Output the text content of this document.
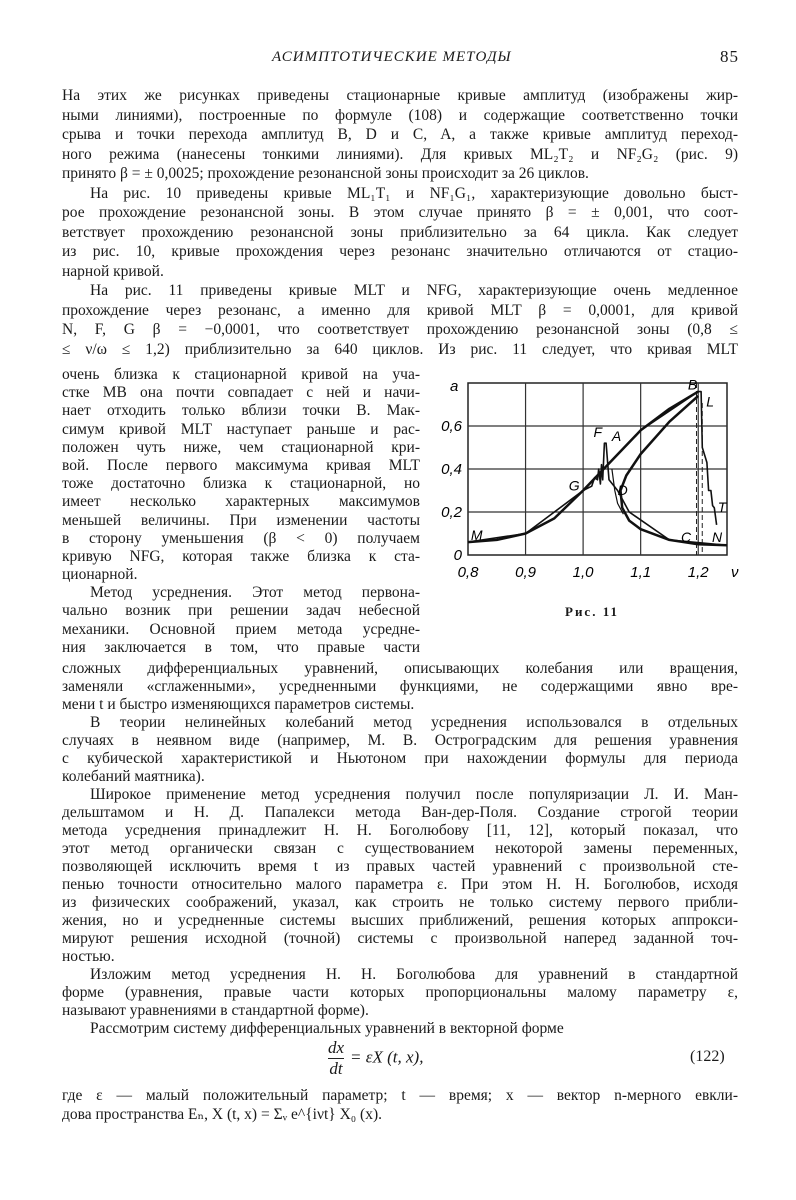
АСИМПТОТИЧЕСКИЕ МЕТОДЫ	85
На этих же рисунках приведены стационарные кривые амплитуд (изображены жир-
ными линиями), построенные по формуле (108) и содержащие соответственно точки
срыва и точки перехода амплитуд B, D и C, A, а также кривые амплитуд переход-
ного режима (нанесены тонкими линиями). Для кривых ML₂T₂ и NF₂G₂ (рис. 9)
принято β = ± 0,0025; прохождение резонансной зоны происходит за 26 циклов.
На рис. 10 приведены кривые ML₁T₁ и NF₁G₁, характеризующие довольно быст-
рое прохождение резонансной зоны. В этом случае принято β = ± 0,001, что соот-
ветствует прохождению резонансной зоны приблизительно за 64 цикла. Как следует
из рис. 10, кривые прохождения через резонанс значительно отличаются от стацио-
нарной кривой.
На рис. 11 приведены кривые MLT и NFG, характеризующие очень медленное
прохождение через резонанс, а именно для кривой MLT β = 0,0001, для кривой
N, F, G β = −0,0001, что соответствует прохождению резонансной зоны (0,8 ≤
≤ ν/ω ≤ 1,2) приблизительно за 640 циклов. Из рис. 11 следует, что кривая MLT
очень близка к стационарной кривой на уча-
стке MB она почти совпадает с ней и начи-
нает отходить только вблизи точки B. Мак-
симум кривой MLT наступает раньше и рас-
положен чуть ниже, чем стационарной кри-
вой. После первого максимума кривая MLT
тоже достаточно близка к стационарной, но
имеет несколько характерных максимумов
меньшей величины. При изменении частоты
в сторону уменьшения (β < 0) получаем
кривую NFG, которая также близка к ста-
ционарной.
Метод усреднения. Этот метод первона-
чально возник при решении задач небесной
механики. Основной прием метода усредне-
ния заключается в том, что правые части
сложных дифференциальных уравнений, описывающих колебания или вращения,
заменяли «сглаженными», усредненными функциями, не содержащими явно вре-
мени t и быстро изменяющихся параметров системы.
В теории нелинейных колебаний метод усреднения использовался в отдельных
случаях в неявном виде (например, М. В. Остроградским для решения уравнения
с кубической характеристикой и Ньютоном при нахождении формулы для периода
колебаний маятника).
Широкое применение метод усреднения получил после популяризации Л. И. Ман-
дельштамом и Н. Д. Папалекси метода Ван-дер-Поля. Создание строгой теории
метода усреднения принадлежит Н. Н. Боголюбову [11, 12], который показал, что
этот метод органически связан с существованием некоторой замены переменных,
позволяющей исключить время t из правых частей уравнений с произвольной сте-
пенью точности относительно малого параметра ε. При этом Н. Н. Боголюбов, исходя
из физических соображений, указал, как строить не только систему первого прибли-
жения, но и усредненные системы высших приближений, решения которых аппрокси-
мируют решения исходной (точной) системы с произвольной наперед заданной точ-
ностью.
Изложим метод усреднения Н. Н. Боголюбова для уравнений в стандартной
форме (уравнения, правые части которых пропорциональны малому параметру ε,
называют уравнениями в стандартной форме).
Рассмотрим систему дифференциальных уравнений в векторной форме
где ε — малый положительный параметр; t — время; x — вектор n-мерного евкли-
дова пространства Eₙ, X (t, x) = Σᵥ e^{iνt} X₀ (x).
0,8 0,9 1,0 1,1 1,2
0
0,2
0,4
0,6
a
ν
M
G
F A
B
L
D
T
C N
Рис. 11
$\frac{dx}{dt} = \varepsilon X$ (t, x),	(122)
